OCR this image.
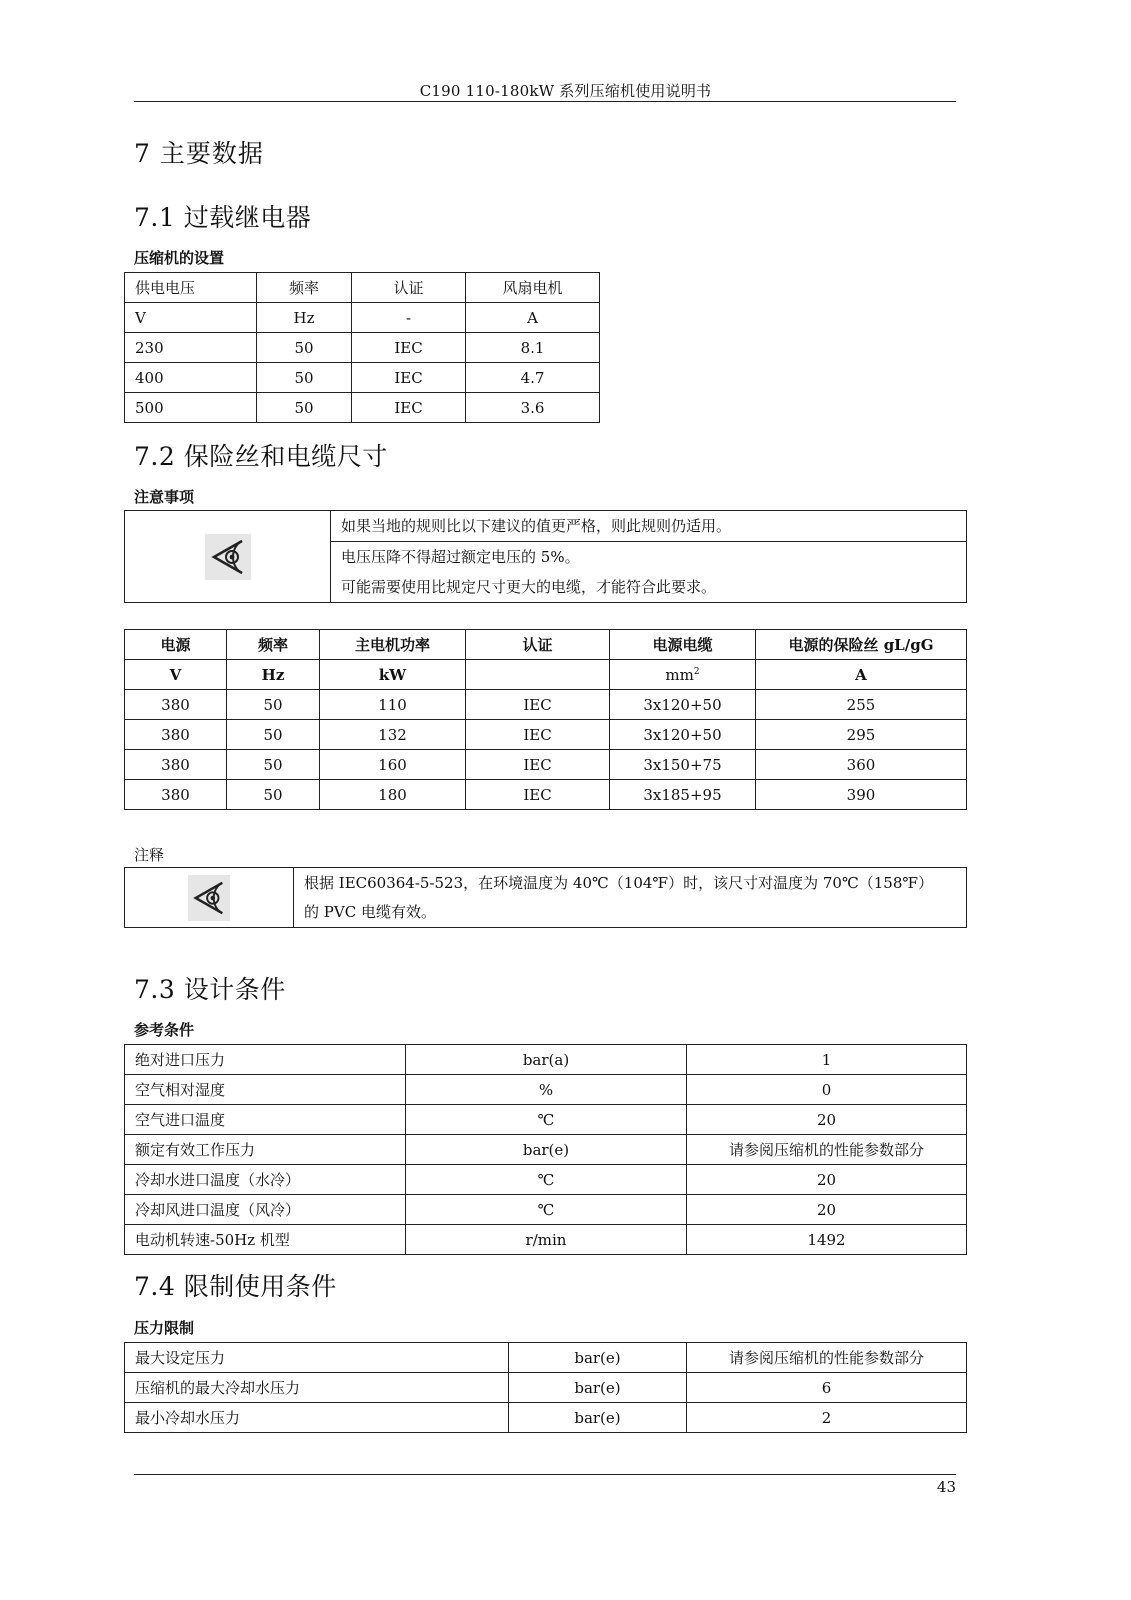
C190 110-180kW 系列压缩机使用说明书
7 主要数据
7.1 过载继电器
压缩机的设置
供电电压	频率	认证	风扇电机
V	Hz	-	A
230	50	IEC	8.1
400	50	IEC	4.7
500	50	IEC	3.6
7.2 保险丝和电缆尺寸
注意事项
	如果当地的规则比以下建议的值更严格，则此规则仍适用。

电压压降不得超过额定电压的 5%。
可能需要使用比规定尺寸更大的电缆，才能符合此要求。
电源	频率	主电机功率	认证	电源电缆	电源的保险丝 gL/gG
V	Hz	kW		$mm^2$	A
380	50	110	IEC	3x120+50	255
380	50	132	IEC	3x120+50	295
380	50	160	IEC	3x150+75	360
380	50	180	IEC	3x185+95	390
注释

根据 IEC60364-5-523，在环境温度为 40℃（104℉）时，该尺寸对温度为 70℃（158℉）
的 PVC 电缆有效。
7.3 设计条件
参考条件
绝对进口压力	bar(a)	1
空气相对湿度	%	0
空气进口温度	℃	20
额定有效工作压力	bar(e)	请参阅压缩机的性能参数部分
冷却水进口温度（水冷）	℃	20
冷却风进口温度（风冷）	℃	20
电动机转速-50Hz 机型	r/min	1492
7.4 限制使用条件
压力限制
最大设定压力	bar(e)	请参阅压缩机的性能参数部分
压缩机的最大冷却水压力	bar(e)	6
最小冷却水压力	bar(e)	2
43
